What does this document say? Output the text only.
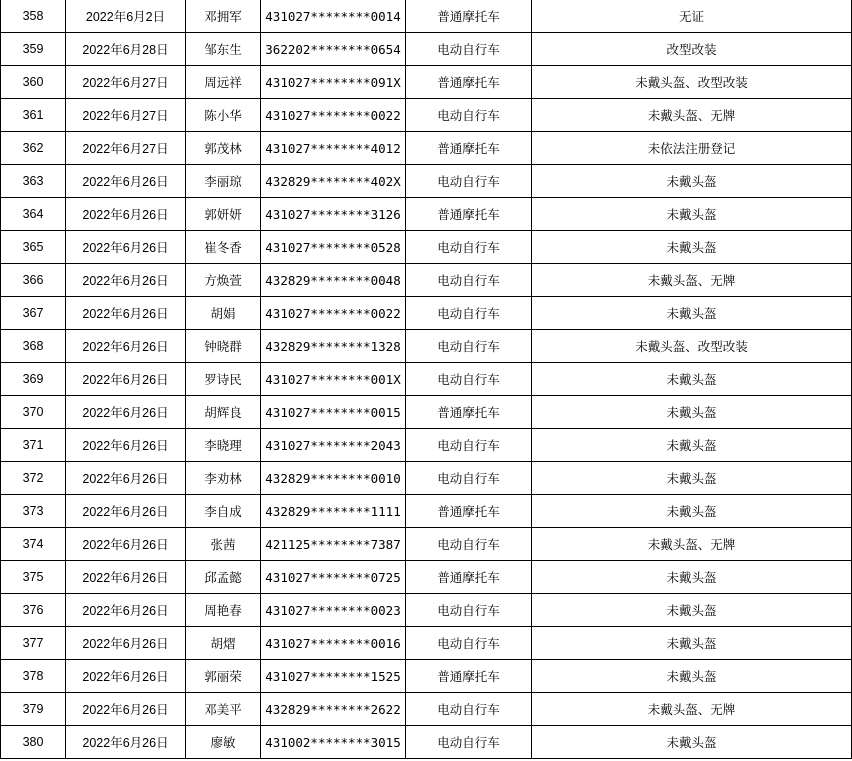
358	2022年6月2日	邓拥军	431027********0014	普通摩托车	无证
359	2022年6月28日	邹东生	362202********0654	电动自行车	改型改装
360	2022年6月27日	周远祥	431027********091X	普通摩托车	未戴头盔、改型改装
361	2022年6月27日	陈小华	431027********0022	电动自行车	未戴头盔、无牌
362	2022年6月27日	郭茂林	431027********4012	普通摩托车	未依法注册登记
363	2022年6月26日	李丽琼	432829********402X	电动自行车	未戴头盔
364	2022年6月26日	郭妍妍	431027********3126	普通摩托车	未戴头盔
365	2022年6月26日	崔冬香	431027********0528	电动自行车	未戴头盔
366	2022年6月26日	方焕萱	432829********0048	电动自行车	未戴头盔、无牌
367	2022年6月26日	胡娟	431027********0022	电动自行车	未戴头盔
368	2022年6月26日	钟晓群	432829********1328	电动自行车	未戴头盔、改型改装
369	2022年6月26日	罗诗民	431027********001X	电动自行车	未戴头盔
370	2022年6月26日	胡辉良	431027********0015	普通摩托车	未戴头盔
371	2022年6月26日	李晓理	431027********2043	电动自行车	未戴头盔
372	2022年6月26日	李劝林	432829********0010	电动自行车	未戴头盔
373	2022年6月26日	李自成	432829********1111	普通摩托车	未戴头盔
374	2022年6月26日	张茜	421125********7387	电动自行车	未戴头盔、无牌
375	2022年6月26日	邱孟懿	431027********0725	普通摩托车	未戴头盔
376	2022年6月26日	周艳春	431027********0023	电动自行车	未戴头盔
377	2022年6月26日	胡熠	431027********0016	电动自行车	未戴头盔
378	2022年6月26日	郭丽荣	431027********1525	普通摩托车	未戴头盔
379	2022年6月26日	邓美平	432829********2622	电动自行车	未戴头盔、无牌
380	2022年6月26日	廖敏	431002********3015	电动自行车	未戴头盔
